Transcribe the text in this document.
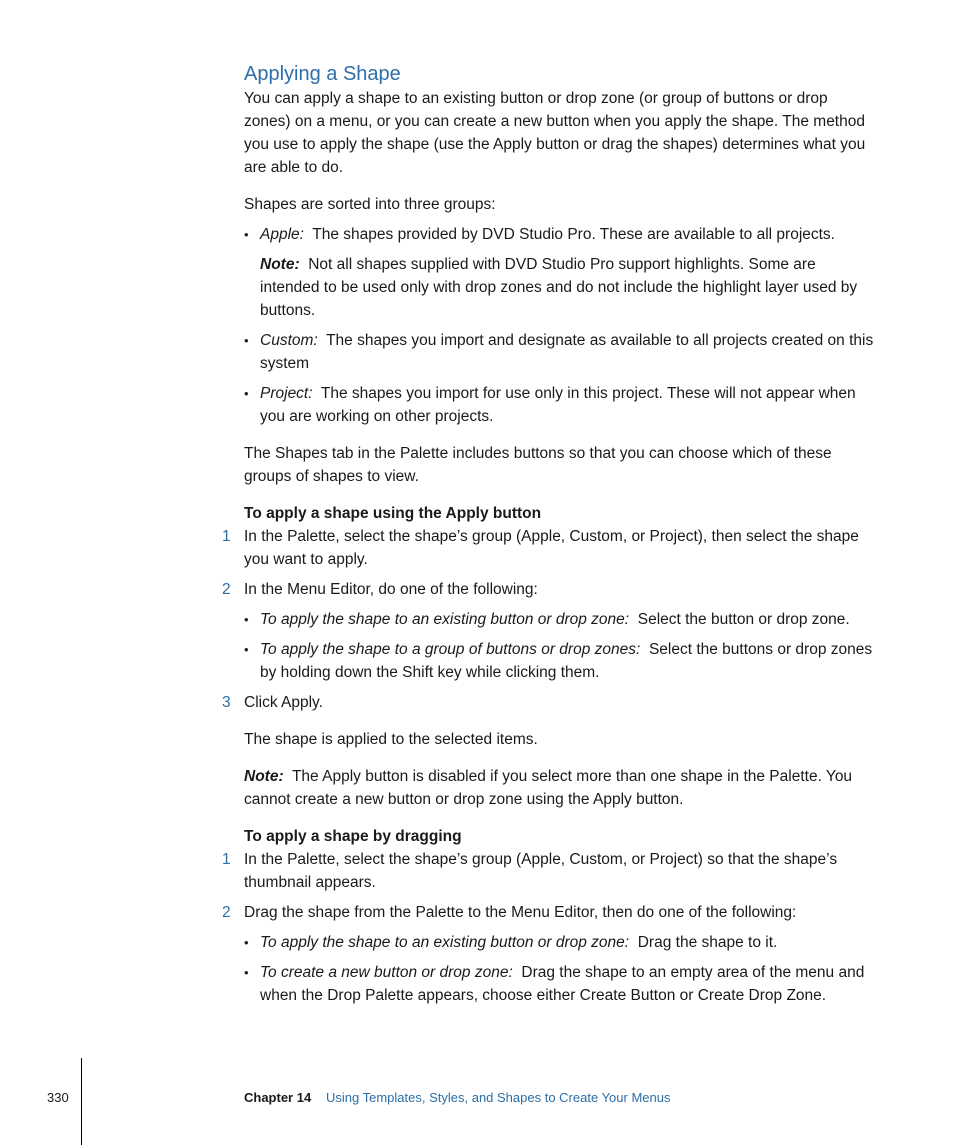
Applying a Shape

You can apply a shape to an existing button or drop zone (or group of buttons or drop zones) on a menu, or you can create a new button when you apply the shape. The method you use to apply the shape (use the Apply button or drag the shapes) determines what you are able to do.

Shapes are sorted into three groups:

• Apple: The shapes provided by DVD Studio Pro. These are available to all projects.

Note: Not all shapes supplied with DVD Studio Pro support highlights. Some are intended to be used only with drop zones and do not include the highlight layer used by buttons.

• Custom: The shapes you import and designate as available to all projects created on this system
• Project: The shapes you import for use only in this project. These will not appear when you are working on other projects.

The Shapes tab in the Palette includes buttons so that you can choose which of these groups of shapes to view.

To apply a shape using the Apply button

1 In the Palette, select the shape’s group (Apple, Custom, or Project), then select the shape you want to apply.
2 In the Menu Editor, do one of the following:
• To apply the shape to an existing button or drop zone: Select the button or drop zone.
• To apply the shape to a group of buttons or drop zones: Select the buttons or drop zones by holding down the Shift key while clicking them.
3 Click Apply.

The shape is applied to the selected items.

Note: The Apply button is disabled if you select more than one shape in the Palette. You cannot create a new button or drop zone using the Apply button.

To apply a shape by dragging

1 In the Palette, select the shape’s group (Apple, Custom, or Project) so that the shape’s thumbnail appears.
2 Drag the shape from the Palette to the Menu Editor, then do one of the following:
• To apply the shape to an existing button or drop zone: Drag the shape to it.
• To create a new button or drop zone: Drag the shape to an empty area of the menu and when the Drop Palette appears, choose either Create Button or Create Drop Zone.
330	Chapter 14 Using Templates, Styles, and Shapes to Create Your Menus
